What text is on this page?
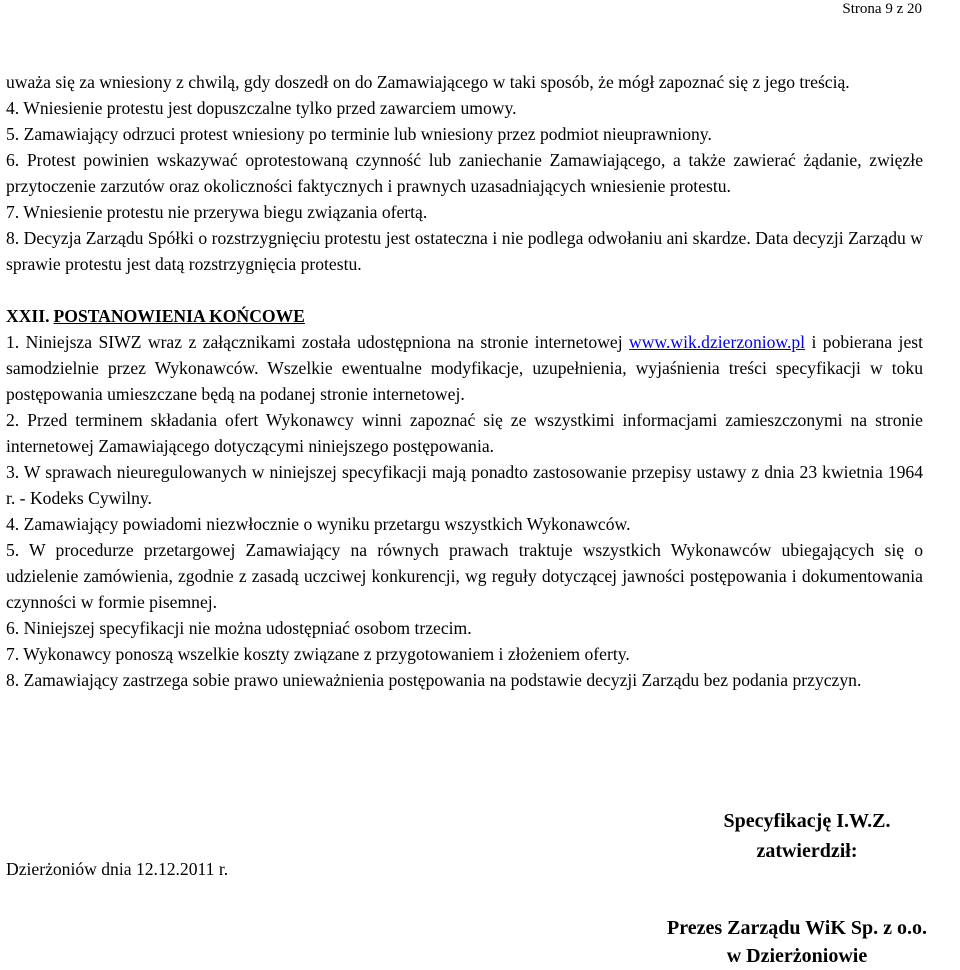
Strona 9 z 20

uważa się za wniesiony z chwilą, gdy doszedł on do Zamawiającego w taki sposób, że mógł zapoznać się z jego treścią.

4. Wniesienie protestu jest dopuszczalne tylko przed zawarciem umowy.

5. Zamawiający odrzuci protest wniesiony po terminie lub wniesiony przez podmiot nieuprawniony.

6. Protest powinien wskazywać oprotestowaną czynność lub zaniechanie Zamawiającego, a także zawierać żądanie, zwięzłe przytoczenie zarzutów oraz okoliczności faktycznych i prawnych uzasadniających wniesienie protestu.

7. Wniesienie protestu nie przerywa biegu związania ofertą.

8. Decyzja Zarządu Spółki o rozstrzygnięciu protestu jest ostateczna i nie podlega odwołaniu ani skardze. Data decyzji Zarządu w sprawie protestu jest datą rozstrzygnięcia protestu.

XXII. POSTANOWIENIA KOŃCOWE

1. Niniejsza SIWZ wraz z załącznikami została udostępniona na stronie internetowej www.wik.dzierzoniow.pl i pobierana jest samodzielnie przez Wykonawców. Wszelkie ewentualne modyfikacje, uzupełnienia, wyjaśnienia treści specyfikacji w toku postępowania umieszczane będą na podanej stronie internetowej.

2. Przed terminem składania ofert Wykonawcy winni zapoznać się ze wszystkimi informacjami zamieszczonymi na stronie internetowej Zamawiającego dotyczącymi niniejszego postępowania.

3. W sprawach nieuregulowanych w niniejszej specyfikacji mają ponadto zastosowanie przepisy ustawy z dnia 23 kwietnia 1964 r. - Kodeks Cywilny.

4. Zamawiający powiadomi niezwłocznie o wyniku przetargu wszystkich Wykonawców.

5. W procedurze przetargowej Zamawiający na równych prawach traktuje wszystkich Wykonawców ubiegających się o udzielenie zamówienia, zgodnie z zasadą uczciwej konkurencji, wg reguły dotyczącej jawności postępowania i dokumentowania czynności w formie pisemnej.

6. Niniejszej specyfikacji nie można udostępniać osobom trzecim.

7. Wykonawcy ponoszą wszelkie koszty związane z przygotowaniem i złożeniem oferty.

8. Zamawiający zastrzega sobie prawo unieważnienia postępowania na podstawie decyzji Zarządu bez podania przyczyn.

Specyfikację I.W.Z.
zatwierdził:
Dzierżoniów dnia 12.12.2011 r.
Prezes Zarządu WiK Sp. z o.o.
w Dzierżoniowie
